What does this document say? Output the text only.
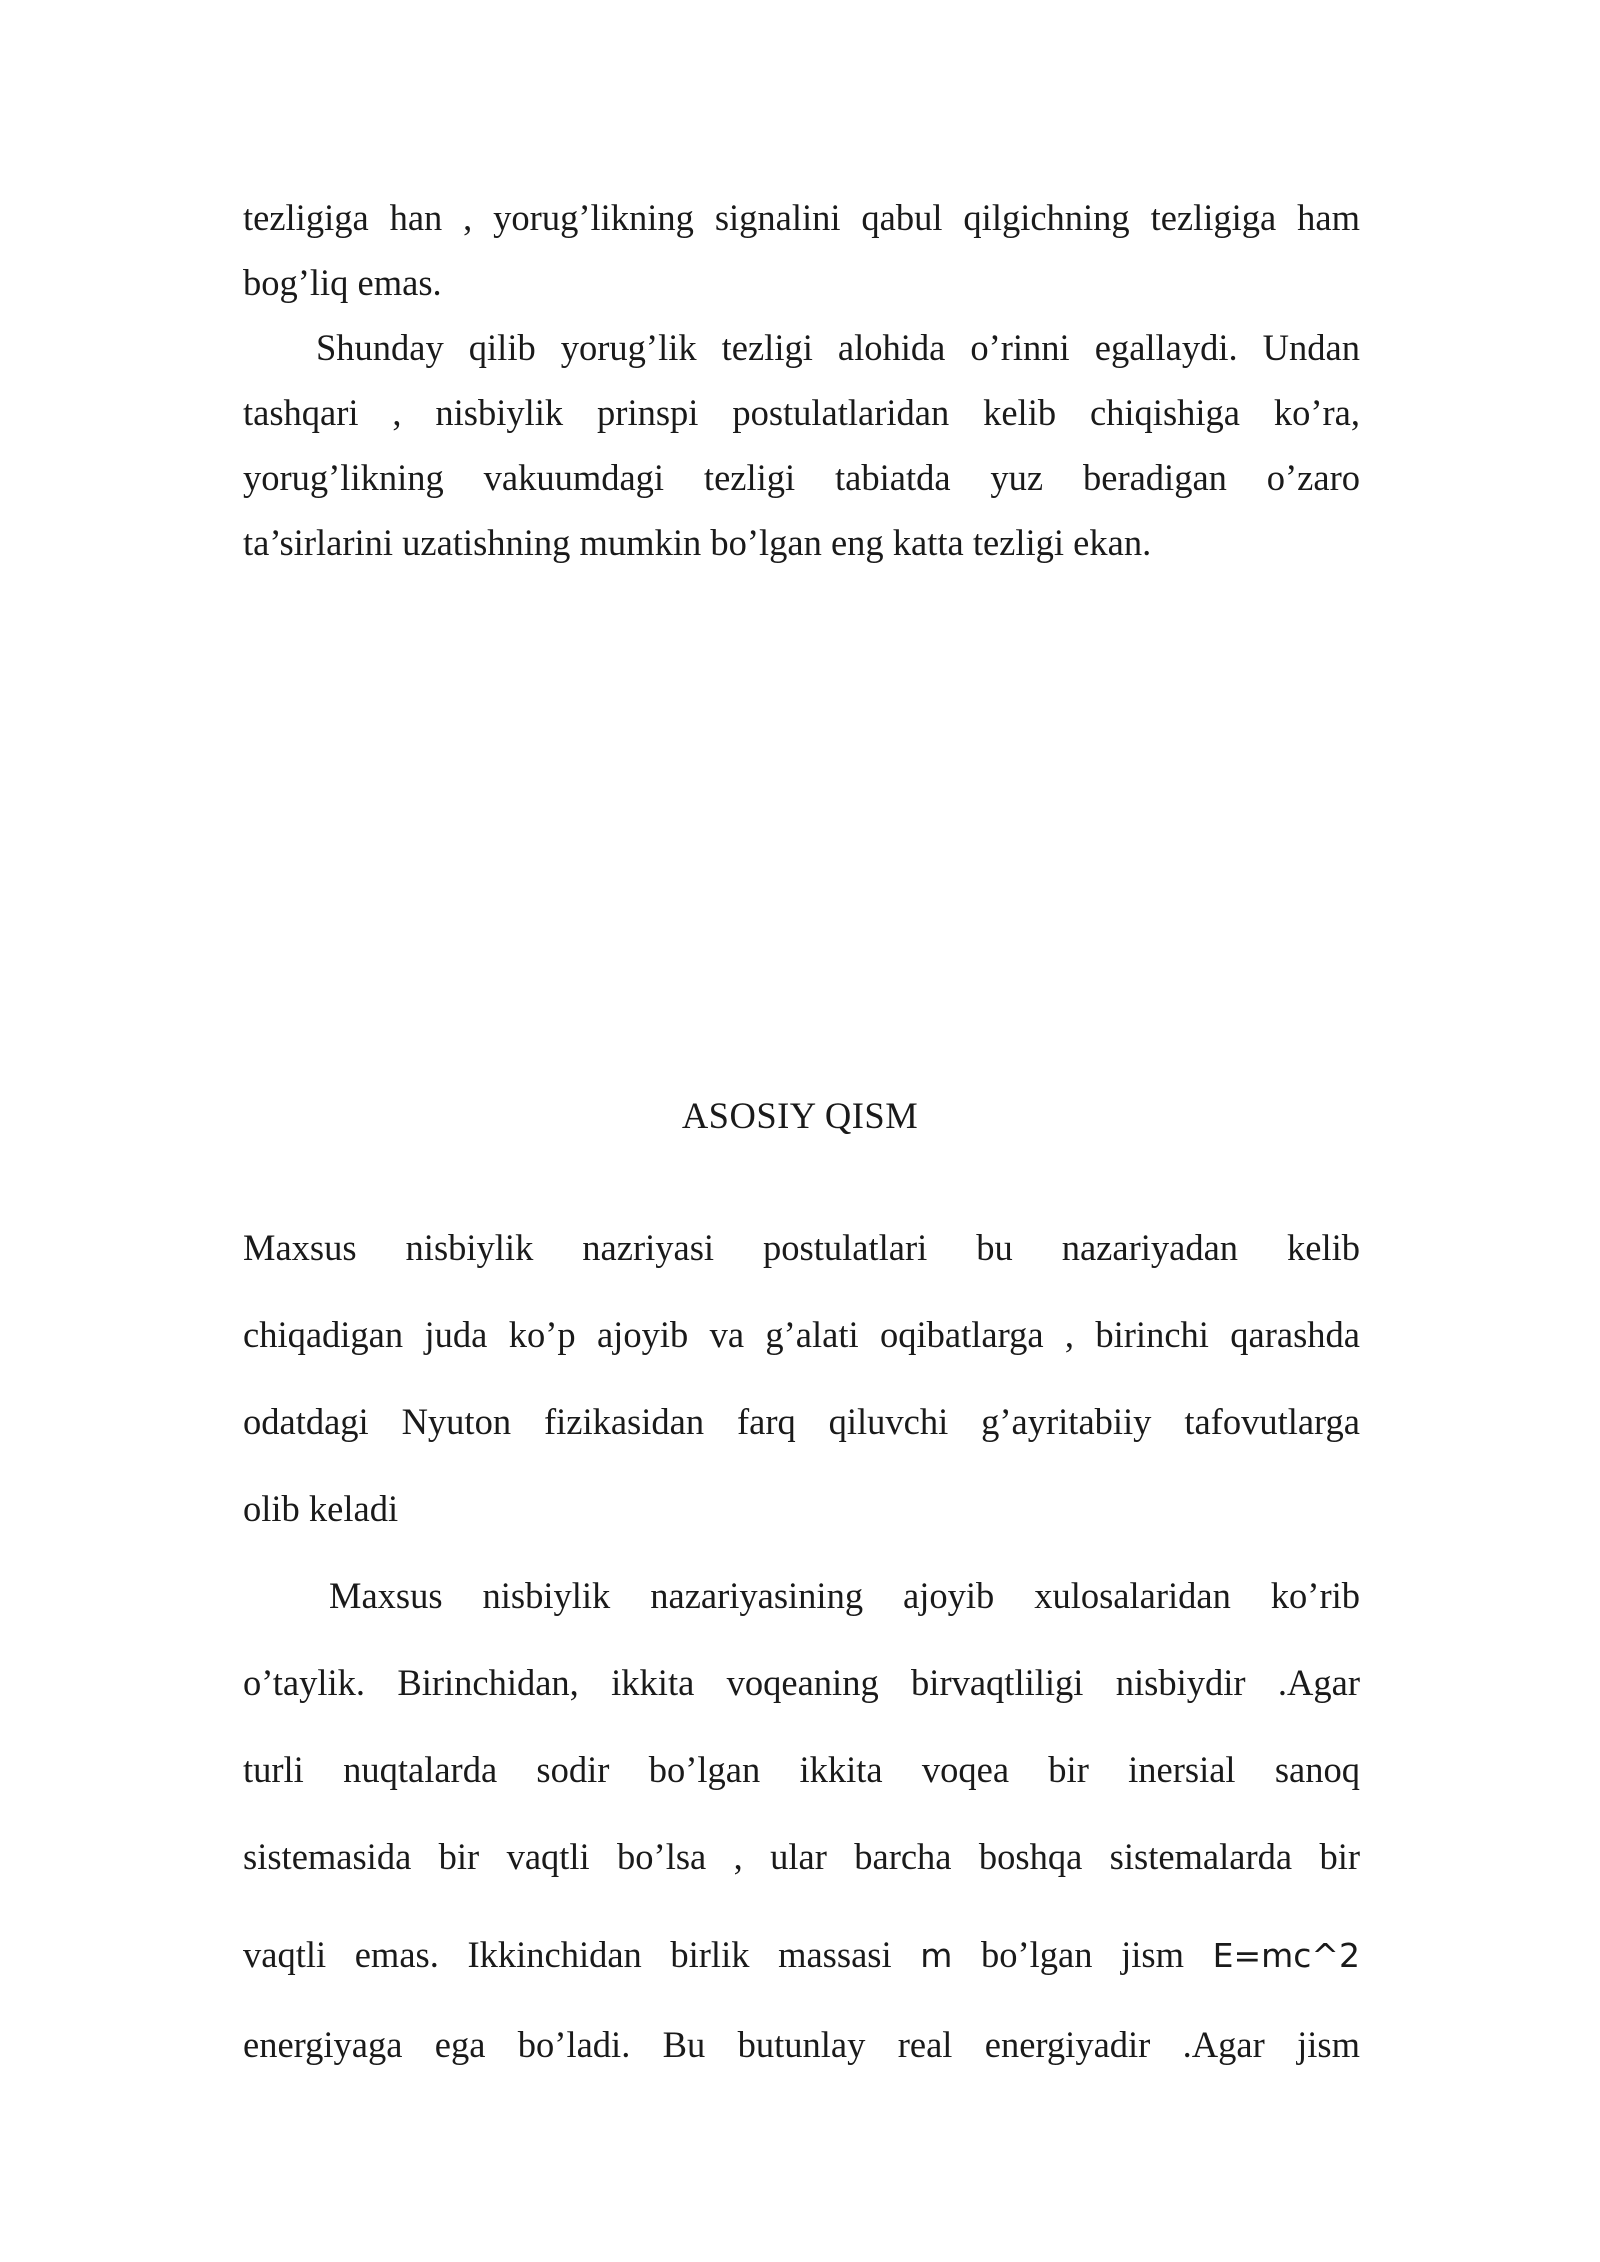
tezligiga han , yorug’likning signalini qabul qilgichning tezligiga ham
bog’liq emas.
Shunday qilib yorug’lik tezligi alohida o’rinni egallaydi. Undan
tashqari , nisbiylik prinspi postulatlaridan kelib chiqishiga ko’ra,
yorug’likning vakuumdagi tezligi tabiatda yuz beradigan o’zaro
ta’sirlarini uzatishning mumkin bo’lgan eng katta tezligi ekan.
ASOSIY QISM
Maxsus nisbiylik nazriyasi postulatlari bu nazariyadan kelib
chiqadigan juda ko’p ajoyib va g’alati oqibatlarga , birinchi qarashda
odatdagi Nyuton fizikasidan farq qiluvchi g’ayritabiiy tafovutlarga
olib keladi
Maxsus nisbiylik nazariyasining ajoyib xulosalaridan ko’rib
o’taylik. Birinchidan, ikkita voqeaning birvaqtliligi nisbiydir .Agar
turli nuqtalarda sodir bo’lgan ikkita voqea bir inersial sanoq
sistemasida bir vaqtli bo’lsa , ular barcha boshqa sistemalarda bir
vaqtli emas. Ikkinchidan birlik massasi m bo’lgan jism E=mc^2
energiyaga ega bo’ladi. Bu butunlay real energiyadir .Agar jism
